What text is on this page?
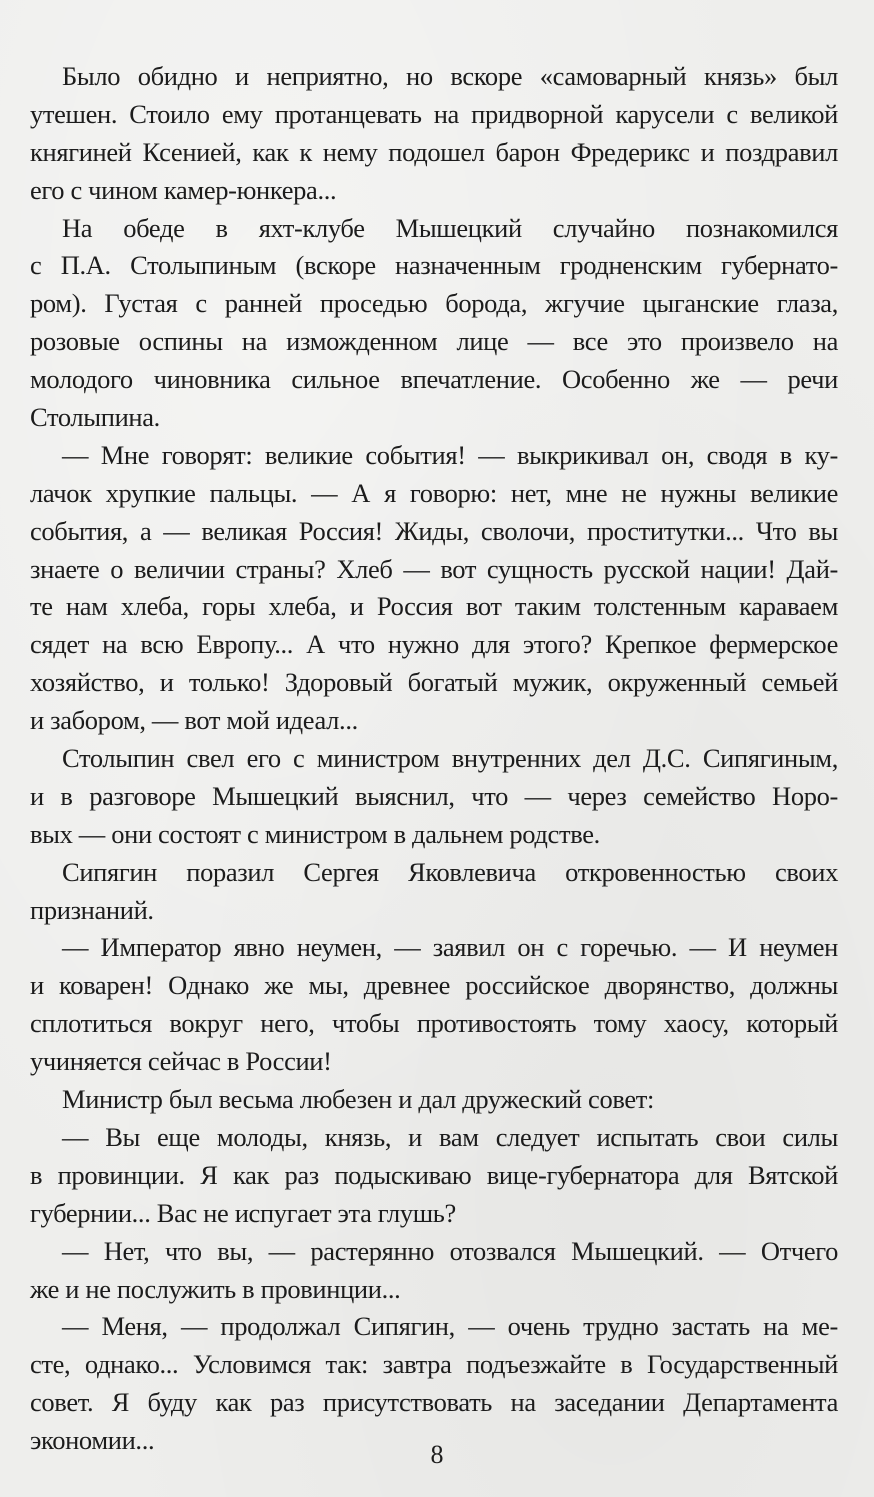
Было обидно и неприятно, но вскоре «самоварный князь» был
утешен. Стоило ему протанцевать на придворной карусели с великой
княгиней Ксенией, как к нему подошел барон Фредерикс и поздравил
его с чином камер-юнкера...
На обеде в яхт-клубе Мышецкий случайно познакомился
с П.А. Столыпиным (вскоре назначенным гродненским губернато-
ром). Густая с ранней проседью борода, жгучие цыганские глаза,
розовые оспины на изможденном лице — все это произвело на
молодого чиновника сильное впечатление. Особенно же — речи
Столыпина.
— Мне говорят: великие события! — выкрикивал он, сводя в ку-
лачок хрупкие пальцы. — А я говорю: нет, мне не нужны великие
события, а — великая Россия! Жиды, сволочи, проститутки... Что вы
знаете о величии страны? Хлеб — вот сущность русской нации! Дай-
те нам хлеба, горы хлеба, и Россия вот таким толстенным караваем
сядет на всю Европу... А что нужно для этого? Крепкое фермерское
хозяйство, и только! Здоровый богатый мужик, окруженный семьей
и забором, — вот мой идеал...
Столыпин свел его с министром внутренних дел Д.С. Сипягиным,
и в разговоре Мышецкий выяснил, что — через семейство Норо-
вых — они состоят с министром в дальнем родстве.
Сипягин поразил Сергея Яковлевича откровенностью своих
признаний.
— Император явно неумен, — заявил он с горечью. — И неумен
и коварен! Однако же мы, древнее российское дворянство, должны
сплотиться вокруг него, чтобы противостоять тому хаосу, который
учиняется сейчас в России!
Министр был весьма любезен и дал дружеский совет:
— Вы еще молоды, князь, и вам следует испытать свои силы
в провинции. Я как раз подыскиваю вице-губернатора для Вятской
губернии... Вас не испугает эта глушь?
— Нет, что вы, — растерянно отозвался Мышецкий. — Отчего
же и не послужить в провинции...
— Меня, — продолжал Сипягин, — очень трудно застать на ме-
сте, однако... Условимся так: завтра подъезжайте в Государственный
совет. Я буду как раз присутствовать на заседании Департамента
экономии...	8
